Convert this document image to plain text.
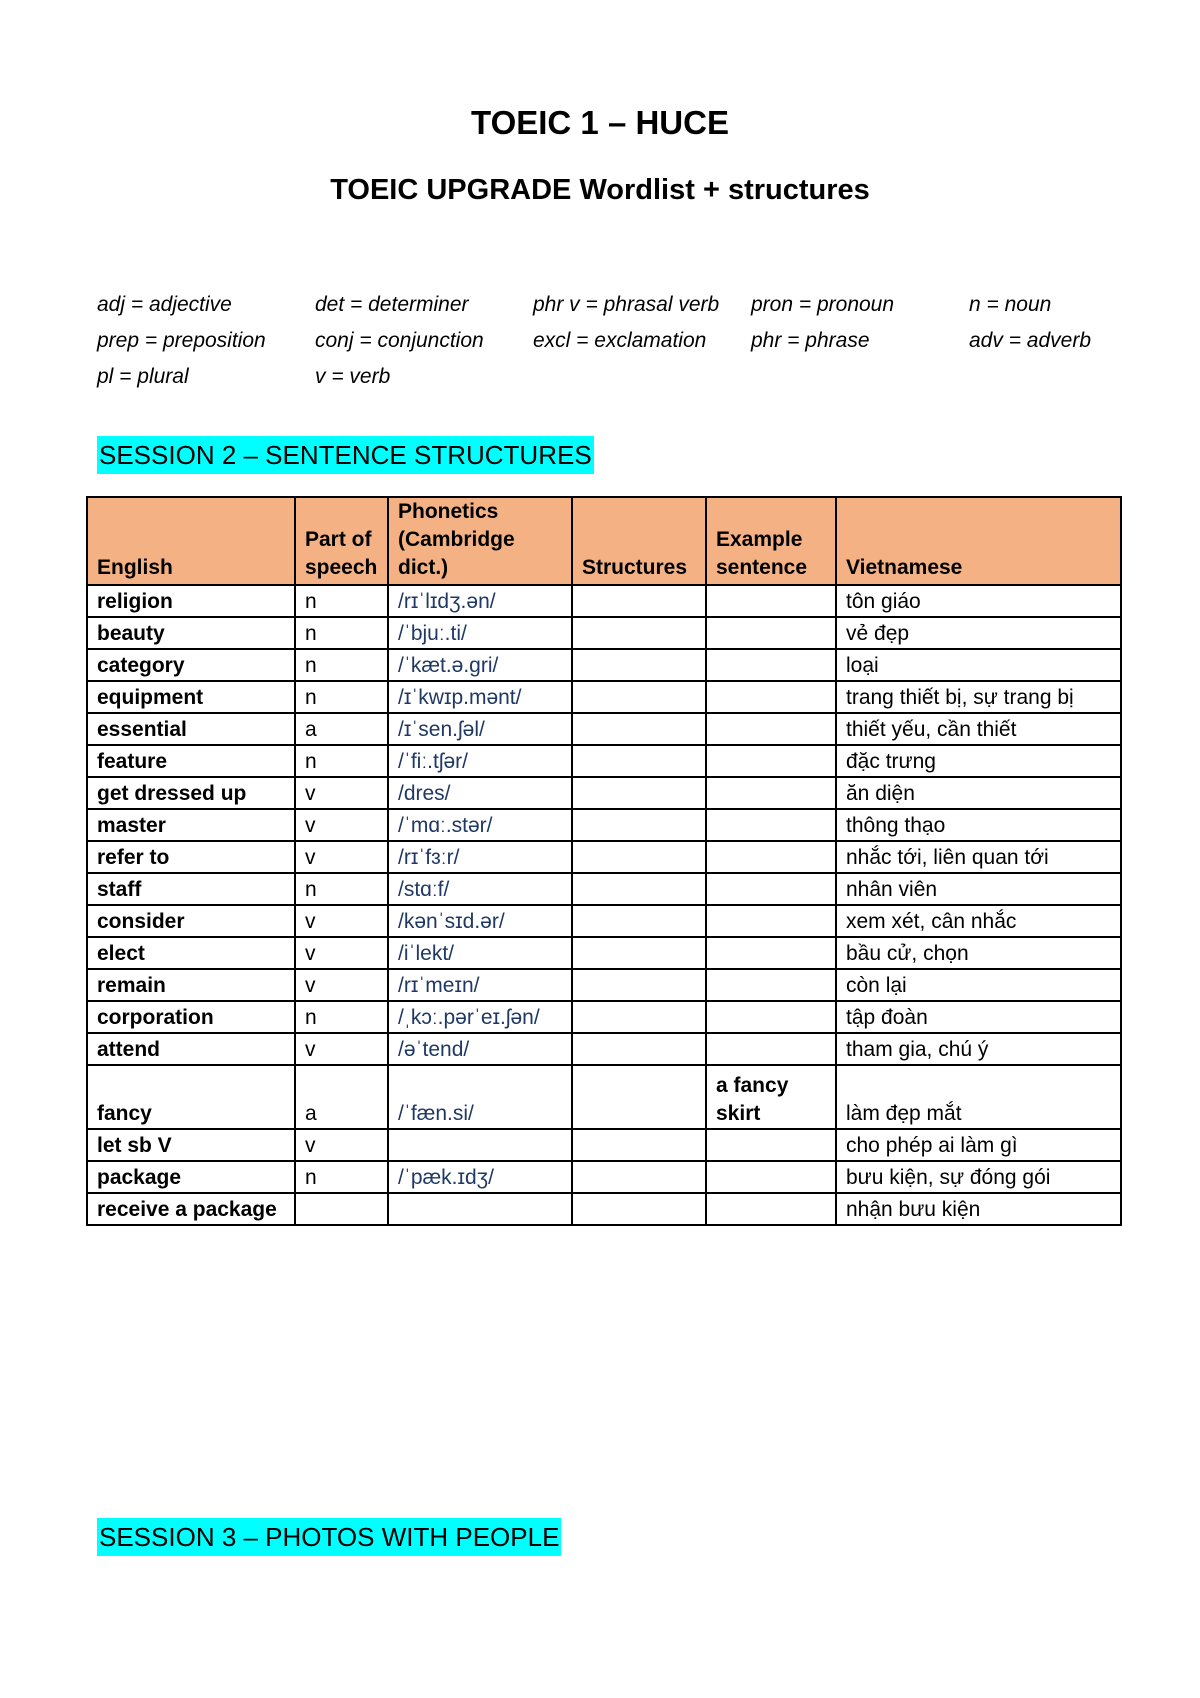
TOEIC 1 – HUCE
TOEIC UPGRADE Wordlist + structures
adj = adjective	det = determiner	phr v = phrasal verb	pron = pronoun	n = noun
prep = preposition	conj = conjunction	excl = exclamation	phr = phrase	adv = adverb
pl = plural	v = verb
SESSION 2 – SENTENCE STRUCTURES
English	Part of speech	Phonetics (Cambridge dict.)	Structures	Example sentence	Vietnamese
religion	n	/rɪˈlɪdʒ.ən/			tôn giáo
beauty	n	/ˈbjuː.ti/			vẻ đẹp
category	n	/ˈkæt.ə.ɡri/			loại
equipment	n	/ɪˈkwɪp.mənt/			trang thiết bị, sự trang bị
essential	a	/ɪˈsen.ʃəl/			thiết yếu, cần thiết
feature	n	/ˈfiː.tʃər/			đặc trưng
get dressed up	v	/dres/			ăn diện
master	v	/ˈmɑː.stər/			thông thạo
refer to	v	/rɪˈfɜːr/			nhắc tới, liên quan tới
staff	n	/stɑːf/			nhân viên
consider	v	/kənˈsɪd.ər/			xem xét, cân nhắc
elect	v	/iˈlekt/			bầu cử, chọn
remain	v	/rɪˈmeɪn/			còn lại
corporation	n	/ˌkɔː.pərˈeɪ.ʃən/			tập đoàn
attend	v	/əˈtend/			tham gia, chú ý
fancy	a	/ˈfæn.si/		a fancy skirt	làm đẹp mắt
let sb V	v				cho phép ai làm gì
package	n	/ˈpæk.ɪdʒ/			bưu kiện, sự đóng gói
receive a package					nhận bưu kiện
SESSION 3 – PHOTOS WITH PEOPLE
